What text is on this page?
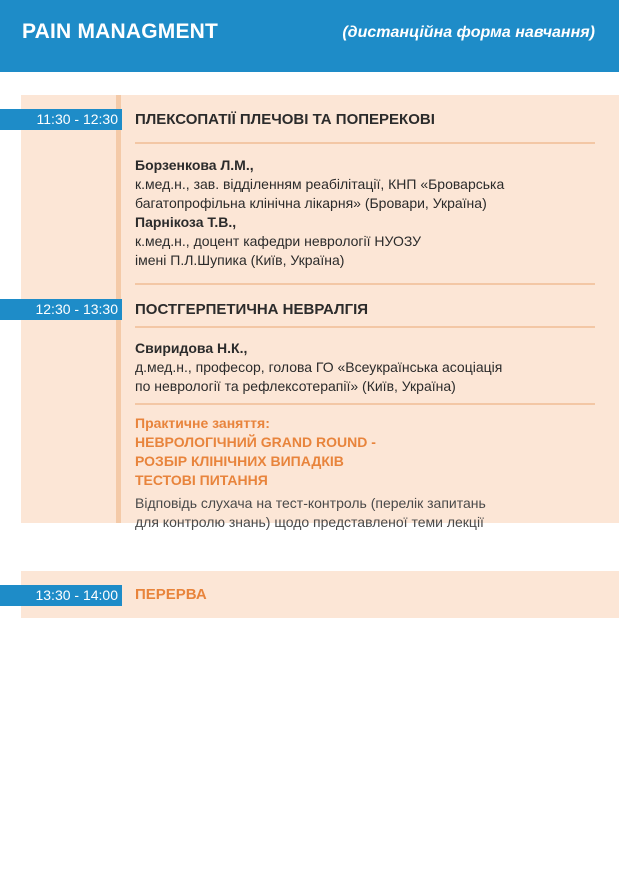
PAIN MANAGMENT	(дистанційна форма навчання)
11:30 - 12:30 ПЛЕКСОПАТІЇ ПЛЕЧОВІ ТА ПОПЕРЕКОВІ
Борзенкова Л.М.,
к.мед.н., зав. відділенням реабілітації, КНП «Броварська
багатопрофільна клінічна лікарня» (Бровари, Україна)
Парнікоза Т.В.,
к.мед.н., доцент кафедри неврології НУОЗУ
імені П.Л.Шупика (Київ, Україна)
12:30 - 13:30 ПОСТГЕРПЕТИЧНА НЕВРАЛГІЯ
Свиридова Н.К.,
д.мед.н., професор, голова ГО «Всеукраїнська асоціація
по неврології та рефлексотерапії» (Київ, Україна)
Практичне заняття:
НЕВРОЛОГІЧНИЙ GRAND ROUND -
РОЗБІР КЛІНІЧНИХ ВИПАДКІВ
ТЕСТОВІ ПИТАННЯ
Відповідь слухача на тест-контроль (перелік запитань
для контролю знань) щодо представленої теми лекції
13:30 - 14:00 ПЕРЕРВА
